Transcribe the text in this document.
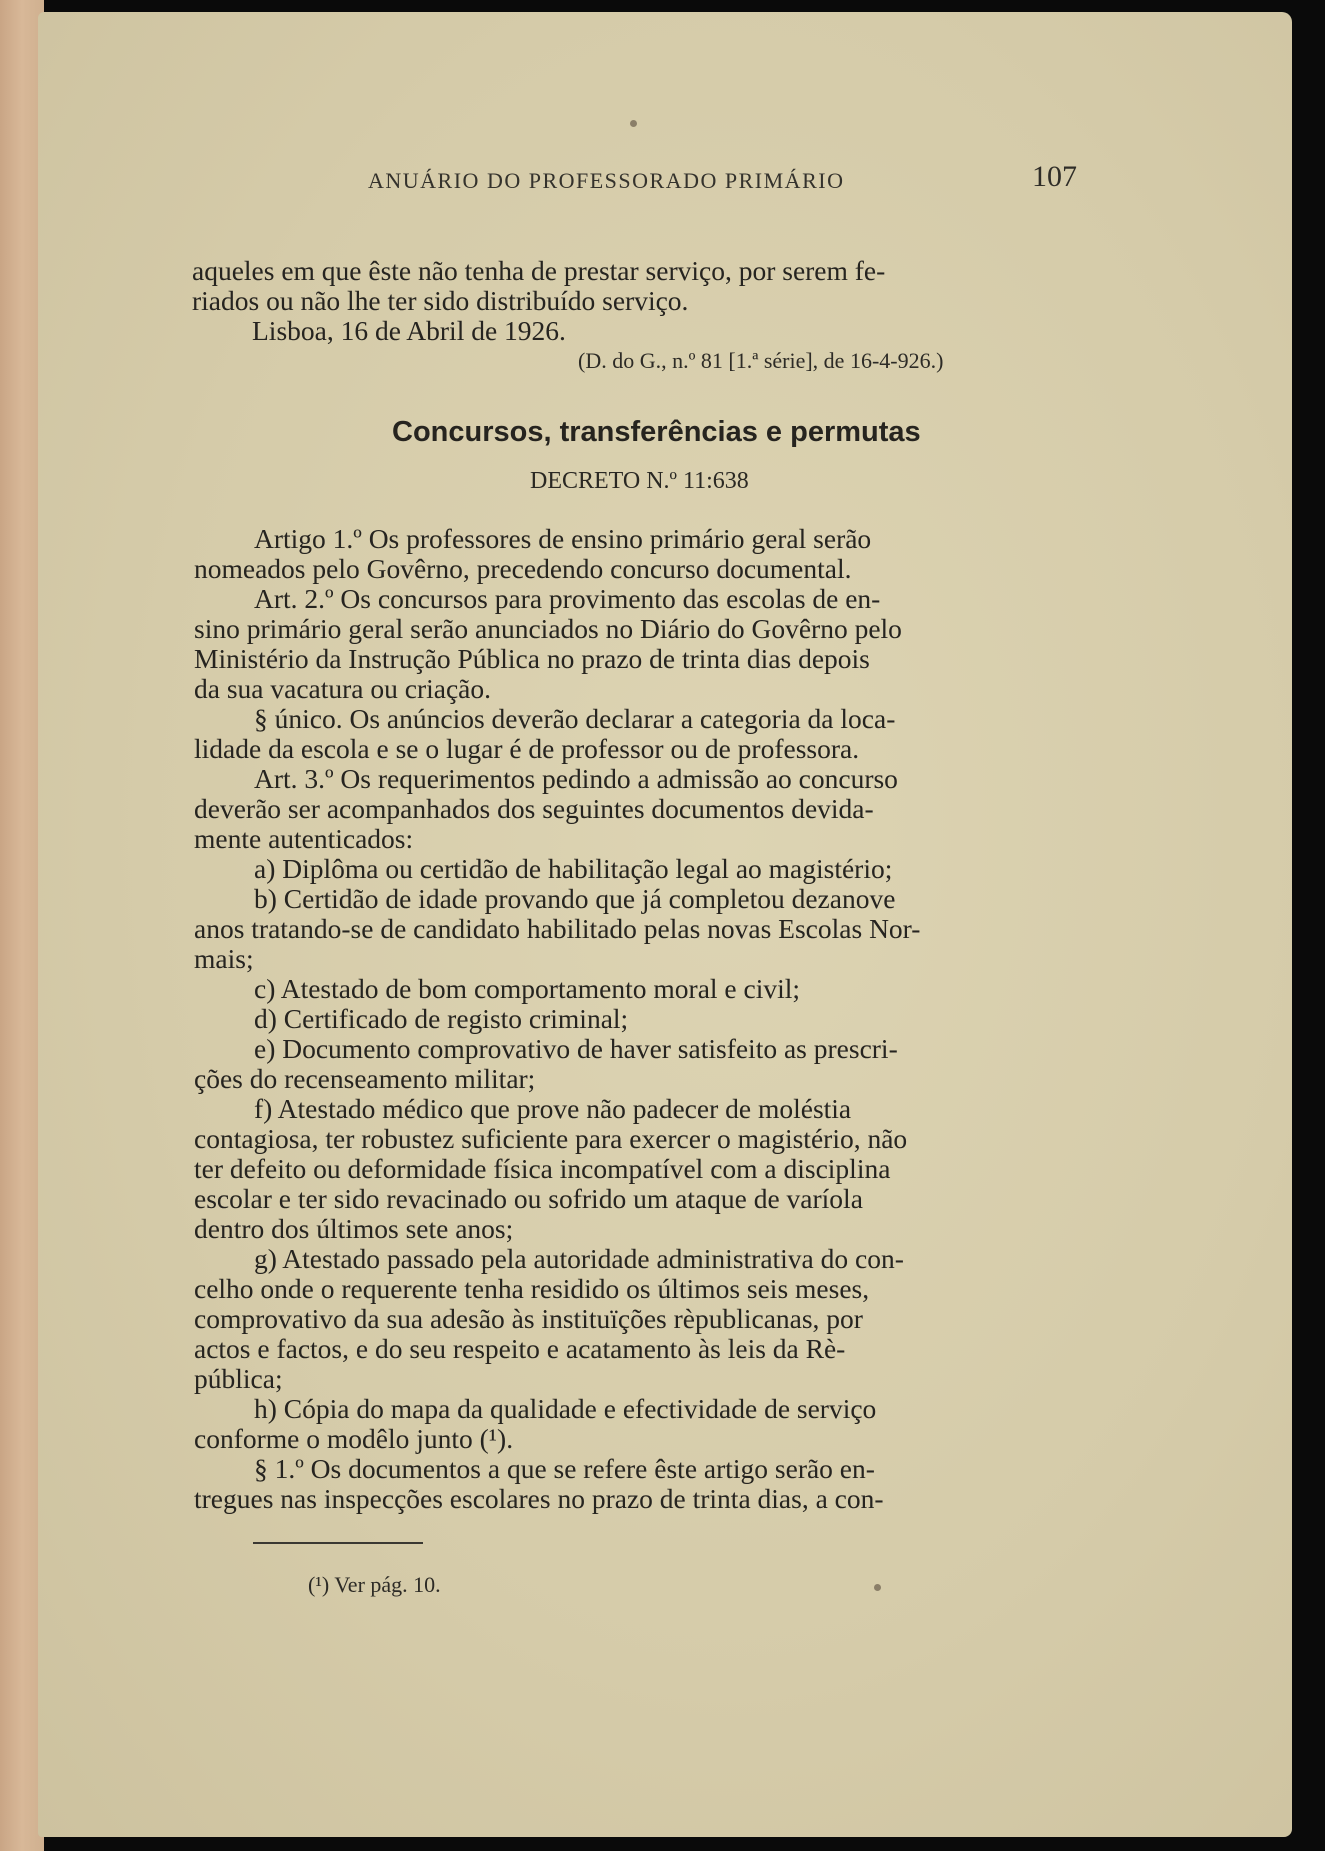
ANUÁRIO DO PROFESSORADO PRIMÁRIO	107
aqueles em que êste não tenha de prestar serviço, por serem fe-
riados ou não lhe ter sido distribuído serviço.
Lisboa, 16 de Abril de 1926.
(D. do G., n.º 81 [1.ª série], de 16-4-926.)
Concursos, transferências e permutas
DECRETO N.º 11:638
Artigo 1.º Os professores de ensino primário geral serão
nomeados pelo Govêrno, precedendo concurso documental.
Art. 2.º Os concursos para provimento das escolas de en-
sino primário geral serão anunciados no Diário do Govêrno pelo
Ministério da Instrução Pública no prazo de trinta dias depois
da sua vacatura ou criação.
§ único. Os anúncios deverão declarar a categoria da loca-
lidade da escola e se o lugar é de professor ou de professora.
Art. 3.º Os requerimentos pedindo a admissão ao concurso
deverão ser acompanhados dos seguintes documentos devida-
mente autenticados:
a) Diplôma ou certidão de habilitação legal ao magistério;
b) Certidão de idade provando que já completou dezanove
anos tratando-se de candidato habilitado pelas novas Escolas Nor-
mais;
c) Atestado de bom comportamento moral e civil;
d) Certificado de registo criminal;
e) Documento comprovativo de haver satisfeito as prescri-
ções do recenseamento militar;
f) Atestado médico que prove não padecer de moléstia
contagiosa, ter robustez suficiente para exercer o magistério, não
ter defeito ou deformidade física incompatível com a disciplina
escolar e ter sido revacinado ou sofrido um ataque de varíola
dentro dos últimos sete anos;
g) Atestado passado pela autoridade administrativa do con-
celho onde o requerente tenha residido os últimos seis meses,
comprovativo da sua adesão às instituïções rèpublicanas, por
actos e factos, e do seu respeito e acatamento às leis da Rè-
pública;
h) Cópia do mapa da qualidade e efectividade de serviço
conforme o modêlo junto (¹).
§ 1.º Os documentos a que se refere êste artigo serão en-
tregues nas inspecções escolares no prazo de trinta dias, a con-
(¹) Ver pág. 10.
